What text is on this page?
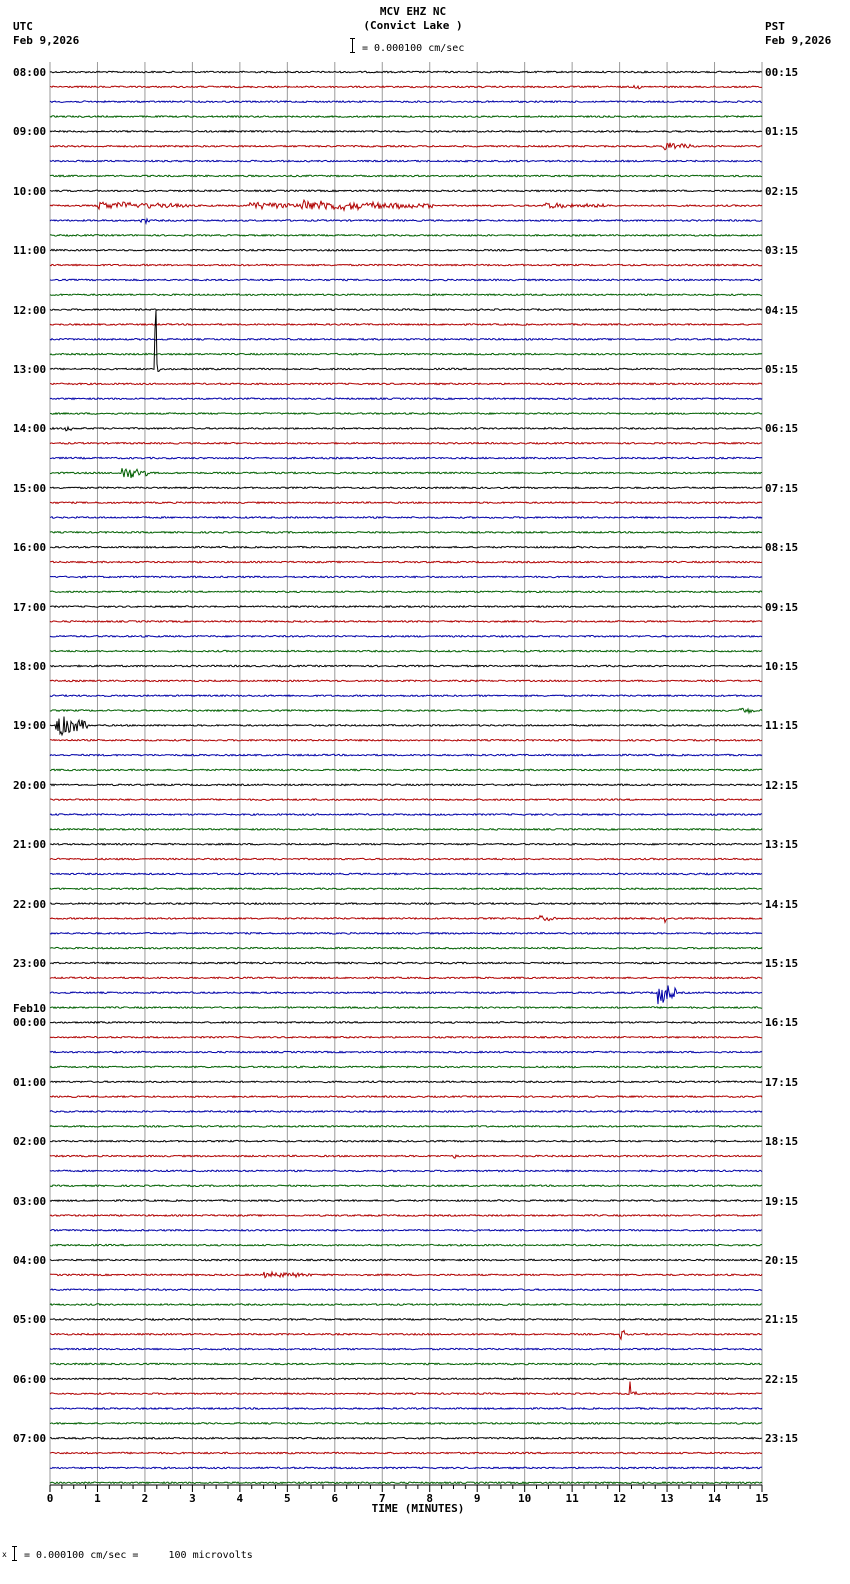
UTC
Feb 9,2026
PST
Feb 9,2026
MCV EHZ NC
(Convict Lake )
= 0.000100 cm/sec
0	1	2	3	4	5	6	7	8	9	10	11	12	13	14	15
TIME (MINUTES)
08:00
09:00
10:00
11:00
12:00
13:00
14:00
15:00
16:00
17:00
18:00
19:00
20:00
21:00
22:00
23:00
00:00
01:00
02:00
03:00
04:00
05:00
06:00
07:00
00:15
01:15
02:15
03:15
04:15
05:15
06:15
07:15
08:15
09:15
10:15
11:15
12:15
13:15
14:15
15:15
16:15
17:15
18:15
19:15
20:15
21:15
22:15
23:15
Feb10
x = 0.000100 cm/sec =     100 microvolts
